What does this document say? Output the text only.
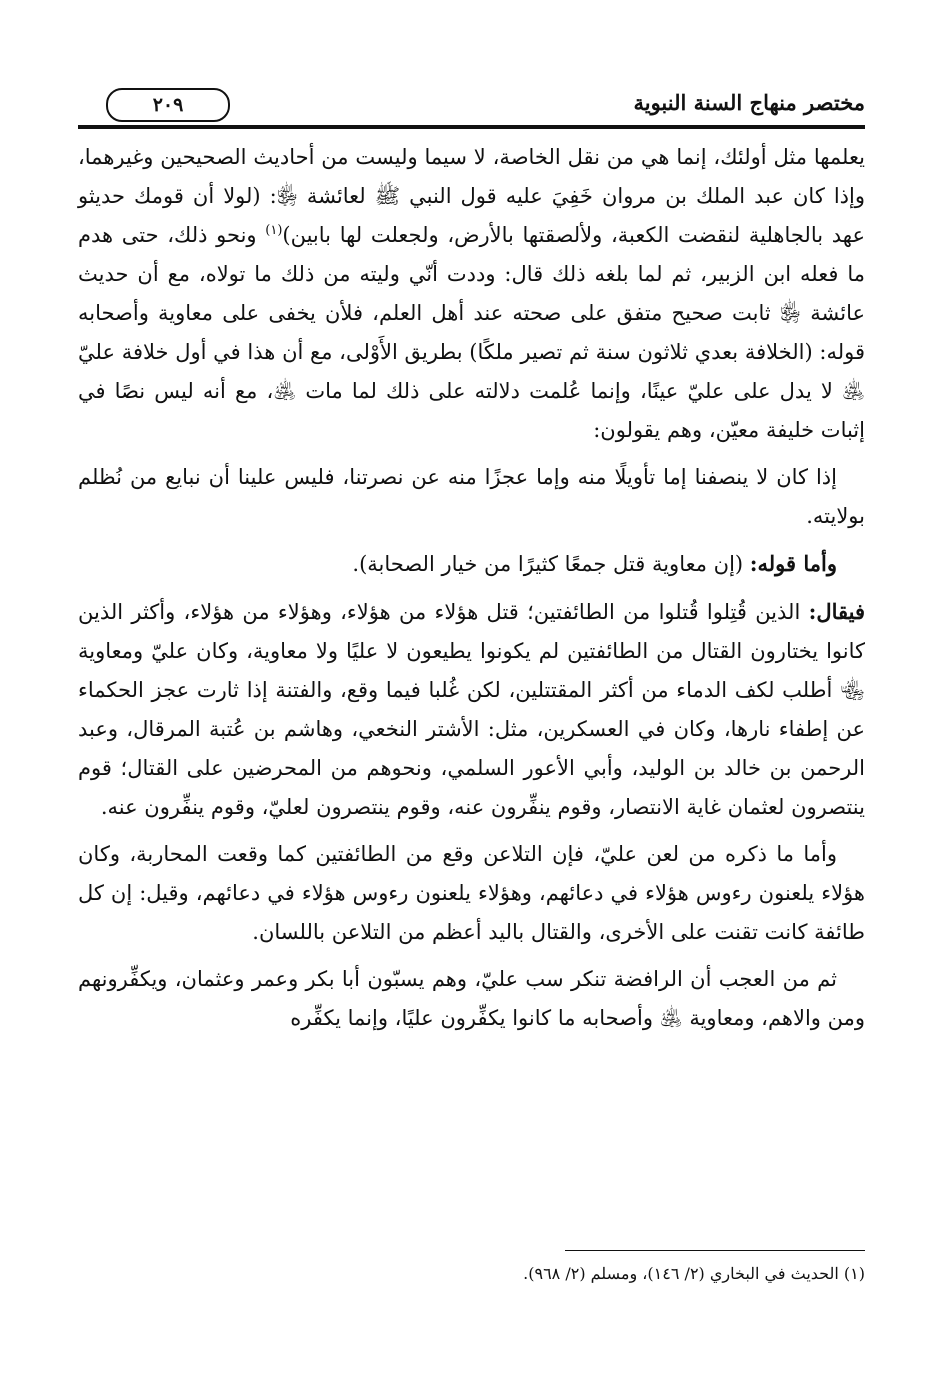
مختصر منهاج السنة النبوية
٢٠٩

يعلمها مثل أولئك، إنما هي من نقل الخاصة، لا سيما وليست من أحاديث الصحيحين وغيرهما، وإذا كان عبد الملك بن مروان خَفِيَ عليه قول النبي ﷺ لعائشة ﵂: (لولا أن قومك حديثو عهد بالجاهلية لنقضت الكعبة، ولألصقتها بالأرض، ولجعلت لها بابين)$^{(١)}$ ونحو ذلك، حتى هدم ما فعله ابن الزبير، ثم لما بلغه ذلك قال: وددت أنّي وليته من ذلك ما تولاه، مع أن حديث عائشة ﵂ ثابت صحيح متفق على صحته عند أهل العلم، فلأن يخفى على معاوية وأصحابه قوله: (الخلافة بعدي ثلاثون سنة ثم تصير ملكًا) بطريق الأَوْلى، مع أن هذا في أول خلافة عليّ ﵁ لا يدل على عليّ عينًا، وإنما عُلمت دلالته على ذلك لما مات ﵁، مع أنه ليس نصًا في إثبات خليفة معيّن، وهم يقولون:

إذا كان لا ينصفنا إما تأويلًا منه وإما عجزًا منه عن نصرتنا، فليس علينا أن نبايع من نُظلم بولايته.

وأما قوله: (إن معاوية قتل جمعًا كثيرًا من خيار الصحابة).

فيقال: الذين قُتِلوا قُتلوا من الطائفتين؛ قتل هؤلاء من هؤلاء، وهؤلاء من هؤلاء، وأكثر الذين كانوا يختارون القتال من الطائفتين لم يكونوا يطيعون لا عليًا ولا معاوية، وكان عليّ ومعاوية ﵄ أطلب لكف الدماء من أكثر المقتتلين، لكن غُلبا فيما وقع، والفتنة إذا ثارت عجز الحكماء عن إطفاء نارها، وكان في العسكرين، مثل: الأشتر النخعي، وهاشم بن عُتبة المرقال، وعبد الرحمن بن خالد بن الوليد، وأبي الأعور السلمي، ونحوهم من المحرضين على القتال؛ قوم ينتصرون لعثمان غاية الانتصار، وقوم ينفِّرون عنه، وقوم ينتصرون لعليّ، وقوم ينفِّرون عنه.

وأما ما ذكره من لعن عليّ، فإن التلاعن وقع من الطائفتين كما وقعت المحاربة، وكان هؤلاء يلعنون رءوس هؤلاء في دعائهم، وهؤلاء يلعنون رءوس هؤلاء في دعائهم، وقيل: إن كل طائفة كانت تقنت على الأخرى، والقتال باليد أعظم من التلاعن باللسان.

ثم من العجب أن الرافضة تنكر سب عليّ، وهم يسبّون أبا بكر وعمر وعثمان، ويكفِّرونهم ومن والاهم، ومعاوية ﵁ وأصحابه ما كانوا يكفِّرون عليًا، وإنما يكفِّره

(١) الحديث في البخاري (٢/ ١٤٦)، ومسلم (٢/ ٩٦٨).
